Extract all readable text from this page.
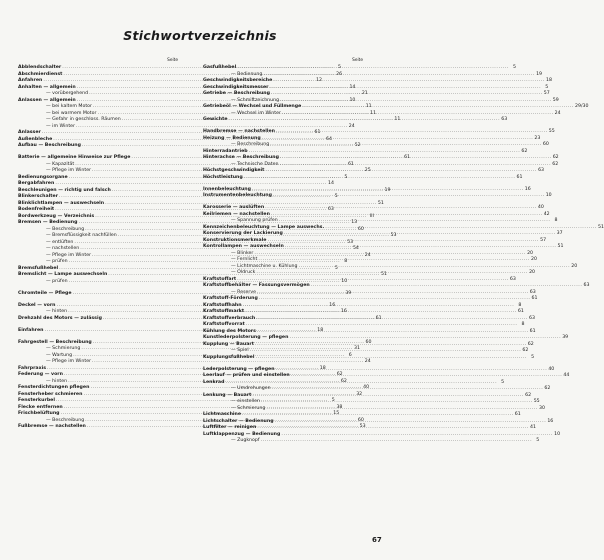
Stichwortverzeichnis
Seite
Abblendschalter .....	5
Abschmierdienst .....	26
Anfahren .....	12
Anhalten — allgemein .....	14
— vorübergehend .....	21
Anlassen — allgemein .....	10
— bei kaltem Motor .....	11
— bei warmem Motor .....	11
— Gefahr in geschloss. Räumen .....	11
— im Winter .....	24
Anlasser .....	61
Außenbleche .....	64
Aufbau — Beschreibung .....	52
Batterie — allgemeine Hinweise zur Pflege .....	61
— Kapazität .....	61
— Pflege im Winter .....	25
Bedienungsorgane .....	5
Bergabfahren .....	14
Beschleunigen — richtig und falsch .....	19
Blinkerschalter .....	5
Blinklichtlampen — auswechseln .....	51
Bodenfreiheit .....	63
Bordwerkzeug — Verzeichnis .....	III
Bremsen — Bedienung .....	13
— Beschreibung .....	60
— Bremsflüssigkeit nachfüllen .....	53
— entlüften .....	53
— nachstellen .....	54
— Pflege im Winter .....	24
— prüfen .....	8
Bremsfußhebel .....	5
Bremslicht — Lampe auswechseln .....	51
— prüfen .....	10
Chromteile — Pflege .....	39
Deckel — vorn .....	16
— hinten .....	16
Drehzahl des Motors — zulässig .....	61
Einfahren .....	18
Fahrgestell — Beschreibung .....	60
— Schmierung .....	31
— Wartung .....	6
— Pflege im Winter .....	24
Fahrpraxis .....	18
Federung — vorn .....	62
— hinten .....	62
Fensterdichtungen pflegen .....	40
Fensterheber schmieren .....	32
Fensterkurbel .....	5
Flecke entfernen .....	38
Frischbelüftung .....	15
— Beschreibung .....	60
Fußbremse — nachstellen .....	53
Seite
Gasfußhebel .....	5
— Bedienung .....	19
Geschwindigkeitsbereiche .....	18
Geschwindigkeitsmesser .....	5
Getriebe — Beschreibung .....	57
— Schmiftzeichnung .....	59
Getriebeöl — Wechsel und Füllmenge .....	29/30
— Wechsel im Winter .....	24
Gewichte .....	63
Handbremse — nachstellen .....	55
Heizung — Bedienung .....	23
— Beschreibung .....	60
Hinterradantrieb .....	62
Hinterachse — Beschreibung .....	62
— Technische Daten .....	62
Höchstgeschwindigkeit .....	63
Höchstleistung .....	61
Innenbeleuchtung .....	16
Instrumentenbeleuchtung .....	10
Karosserie — auslüften .....	40
Keilriemen — nachstellen .....	42
— Spannung prüfen .....	8
Kennzeichenbeleuchtung — Lampe auswechs. .....	51
Konservierung der Lackierung .....	37
Konstruktionsmerkmale .....	57
Kontrollampen — auswechseln .....	51
— Blinker .....	20
— Fernlicht .....	20
— Lichtmaschine u. Kühlung .....	20
— Oldruck .....	20
Kraftstoffart .....	63
Kraftstoffbehälter — Fassungsvermögen .....	63
— Reserve .....	63
Kraftstoff-Förderung .....	61
Kraftstoffhahn .....	8
Kraftstoffmarkt .....	61
Kraftstoffverbrauch .....	63
Kraftstoffvorrat .....	8
Kühlung des Motors .....	61
Kunstlederpolsterung — pflegen .....	39
Kupplung — Bauart .....	62
— Spiel .....	62
Kupplungsfußhebel .....	5
Lederpolsterung — pflegen .....	40
Leerlauf — prüfen und einstellen .....	44
Lenkrad .....	5
— Umdrehungen .....	62
Lenkung — Bauart .....	62
— einstellen .....	55
— Schmierung .....	30
Lichtmaschine .....	61
Lichtschalter — Bedienung .....	16
Luftfilter — reinigen .....	41
Luftklappenzug — Bedienung .....	10
— Zugknopf .....	5
67
